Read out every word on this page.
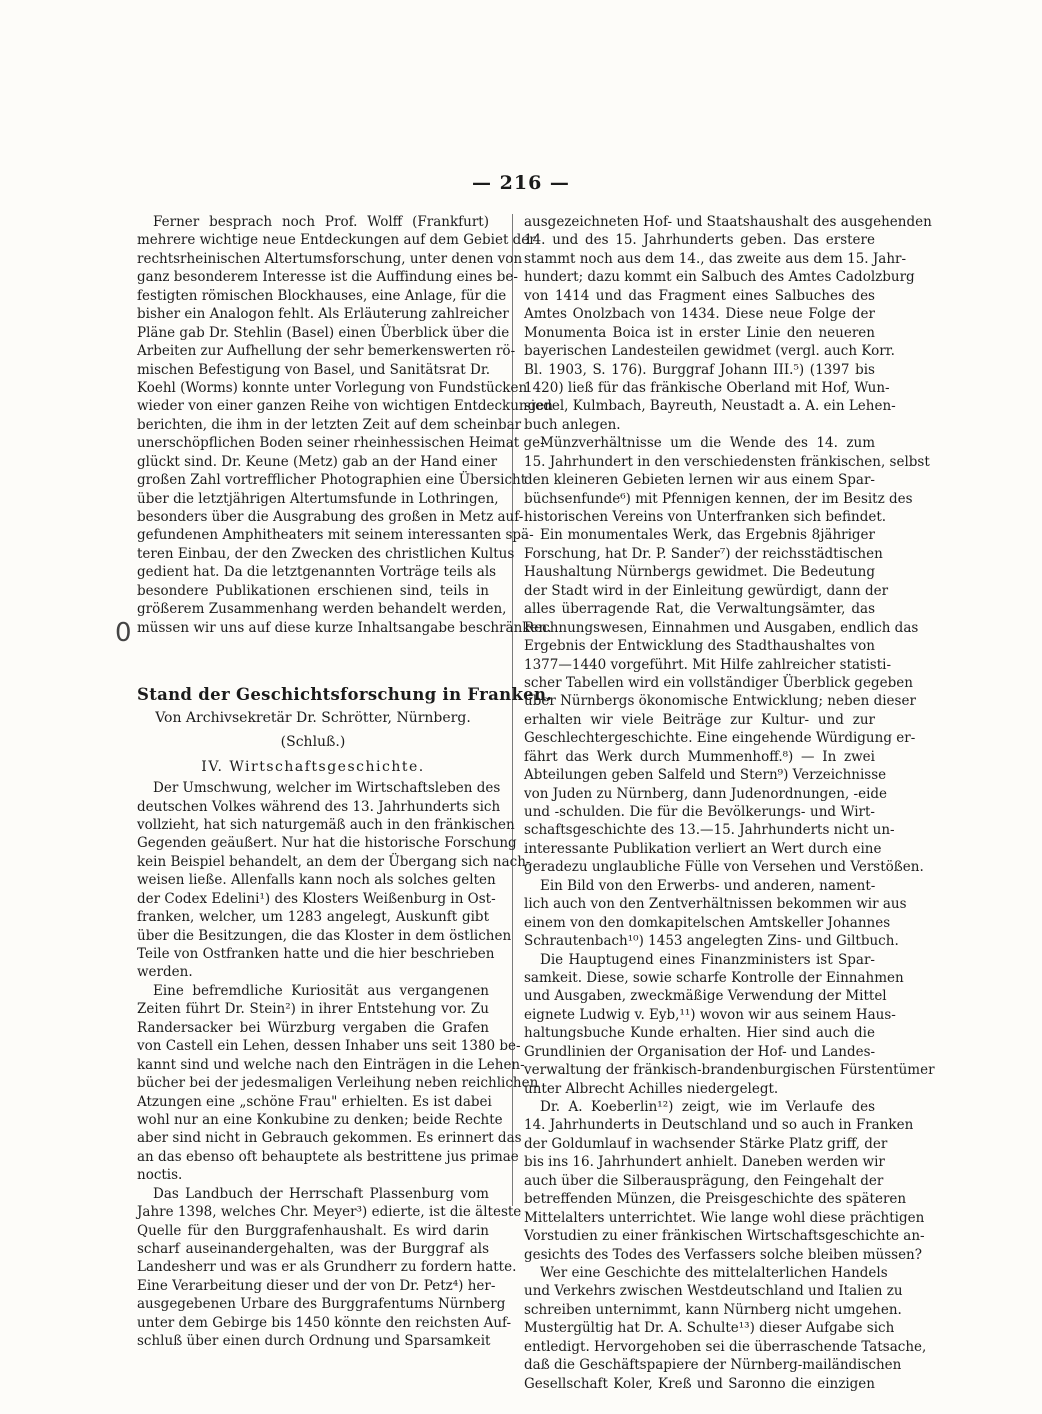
— 216 —
0
Ferner besprach noch Prof. Wolff (Frankfurt)
mehrere wichtige neue Entdeckungen auf dem Gebiet der
rechtsrheinischen Altertumsforschung, unter denen von
ganz besonderem Interesse ist die Auffindung eines be-
festigten römischen Blockhauses, eine Anlage, für die
bisher ein Analogon fehlt. Als Erläuterung zahlreicher
Pläne gab Dr. Stehlin (Basel) einen Überblick über die
Arbeiten zur Aufhellung der sehr bemerkenswerten rö-
mischen Befestigung von Basel, und Sanitätsrat Dr.
Koehl (Worms) konnte unter Vorlegung von Fundstücken
wieder von einer ganzen Reihe von wichtigen Entdeckungen
berichten, die ihm in der letzten Zeit auf dem scheinbar
unerschöpflichen Boden seiner rheinhessischen Heimat ge-
glückt sind. Dr. Keune (Metz) gab an der Hand einer
großen Zahl vortrefflicher Photographien eine Übersicht
über die letztjährigen Altertumsfunde in Lothringen,
besonders über die Ausgrabung des großen in Metz auf-
gefundenen Amphitheaters mit seinem interessanten spä-
teren Einbau, der den Zwecken des christlichen Kultus
gedient hat. Da die letztgenannten Vorträge teils als
besondere Publikationen erschienen sind, teils in
größerem Zusammenhang werden behandelt werden,
müssen wir uns auf diese kurze Inhaltsangabe beschränken.
Stand der Geschichtsforschung in Franken.
Von Archivsekretär Dr. Schrötter, Nürnberg.
(Schluß.)
IV. Wirtschaftsgeschichte.
Der Umschwung, welcher im Wirtschaftsleben des
deutschen Volkes während des 13. Jahrhunderts sich
vollzieht, hat sich naturgemäß auch in den fränkischen
Gegenden geäußert. Nur hat die historische Forschung
kein Beispiel behandelt, an dem der Übergang sich nach-
weisen ließe. Allenfalls kann noch als solches gelten
der Codex Edelini¹) des Klosters Weißenburg in Ost-
franken, welcher, um 1283 angelegt, Auskunft gibt
über die Besitzungen, die das Kloster in dem östlichen
Teile von Ostfranken hatte und die hier beschrieben
werden.
Eine befremdliche Kuriosität aus vergangenen
Zeiten führt Dr. Stein²) in ihrer Entstehung vor. Zu
Randersacker bei Würzburg vergaben die Grafen
von Castell ein Lehen, dessen Inhaber uns seit 1380 be-
kannt sind und welche nach den Einträgen in die Lehen-
bücher bei der jedesmaligen Verleihung neben reichlichen
Atzungen eine „schöne Frau" erhielten. Es ist dabei
wohl nur an eine Konkubine zu denken; beide Rechte
aber sind nicht in Gebrauch gekommen. Es erinnert das
an das ebenso oft behauptete als bestrittene jus primae
noctis.
Das Landbuch der Herrschaft Plassenburg vom
Jahre 1398, welches Chr. Meyer³) edierte, ist die älteste
Quelle für den Burggrafenhaushalt. Es wird darin
scharf auseinandergehalten, was der Burggraf als
Landesherr und was er als Grundherr zu fordern hatte.
Eine Verarbeitung dieser und der von Dr. Petz⁴) her-
ausgegebenen Urbare des Burggrafentums Nürnberg
unter dem Gebirge bis 1450 könnte den reichsten Auf-
schluß über einen durch Ordnung und Sparsamkeit
ausgezeichneten Hof- und Staatshaushalt des ausgehenden
14. und des 15. Jahrhunderts geben. Das erstere
stammt noch aus dem 14., das zweite aus dem 15. Jahr-
hundert; dazu kommt ein Salbuch des Amtes Cadolzburg
von 1414 und das Fragment eines Salbuches des
Amtes Onolzbach von 1434. Diese neue Folge der
Monumenta Boica ist in erster Linie den neueren
bayerischen Landesteilen gewidmet (vergl. auch Korr.
Bl. 1903, S. 176). Burggraf Johann III.⁵) (1397 bis
1420) ließ für das fränkische Oberland mit Hof, Wun-
siedel, Kulmbach, Bayreuth, Neustadt a. A. ein Lehen-
buch anlegen.
Münzverhältnisse um die Wende des 14. zum
15. Jahrhundert in den verschiedensten fränkischen, selbst
den kleineren Gebieten lernen wir aus einem Spar-
büchsenfunde⁶) mit Pfennigen kennen, der im Besitz des
historischen Vereins von Unterfranken sich befindet.
Ein monumentales Werk, das Ergebnis 8jähriger
Forschung, hat Dr. P. Sander⁷) der reichsstädtischen
Haushaltung Nürnbergs gewidmet. Die Bedeutung
der Stadt wird in der Einleitung gewürdigt, dann der
alles überragende Rat, die Verwaltungsämter, das
Rechnungswesen, Einnahmen und Ausgaben, endlich das
Ergebnis der Entwicklung des Stadthaushaltes von
1377—1440 vorgeführt. Mit Hilfe zahlreicher statisti-
scher Tabellen wird ein vollständiger Überblick gegeben
über Nürnbergs ökonomische Entwicklung; neben dieser
erhalten wir viele Beiträge zur Kultur- und zur
Geschlechtergeschichte. Eine eingehende Würdigung er-
fährt das Werk durch Mummenhoff.⁸) — In zwei
Abteilungen geben Salfeld und Stern⁹) Verzeichnisse
von Juden zu Nürnberg, dann Judenordnungen, -eide
und -schulden. Die für die Bevölkerungs- und Wirt-
schaftsgeschichte des 13.—15. Jahrhunderts nicht un-
interessante Publikation verliert an Wert durch eine
geradezu unglaubliche Fülle von Versehen und Verstößen.
Ein Bild von den Erwerbs- und anderen, nament-
lich auch von den Zentverhältnissen bekommen wir aus
einem von den domkapitelschen Amtskeller Johannes
Schrautenbach¹⁰) 1453 angelegten Zins- und Giltbuch.
Die Hauptugend eines Finanzministers ist Spar-
samkeit. Diese, sowie scharfe Kontrolle der Einnahmen
und Ausgaben, zweckmäßige Verwendung der Mittel
eignete Ludwig v. Eyb,¹¹) wovon wir aus seinem Haus-
haltungsbuche Kunde erhalten. Hier sind auch die
Grundlinien der Organisation der Hof- und Landes-
verwaltung der fränkisch-brandenburgischen Fürstentümer
unter Albrecht Achilles niedergelegt.
Dr. A. Koeberlin¹²) zeigt, wie im Verlaufe des
14. Jahrhunderts in Deutschland und so auch in Franken
der Goldumlauf in wachsender Stärke Platz griff, der
bis ins 16. Jahrhundert anhielt. Daneben werden wir
auch über die Silberausprägung, den Feingehalt der
betreffenden Münzen, die Preisgeschichte des späteren
Mittelalters unterrichtet. Wie lange wohl diese prächtigen
Vorstudien zu einer fränkischen Wirtschaftsgeschichte an-
gesichts des Todes des Verfassers solche bleiben müssen?
Wer eine Geschichte des mittelalterlichen Handels
und Verkehrs zwischen Westdeutschland und Italien zu
schreiben unternimmt, kann Nürnberg nicht umgehen.
Mustergültig hat Dr. A. Schulte¹³) dieser Aufgabe sich
entledigt. Hervorgehoben sei die überraschende Tatsache,
daß die Geschäftspapiere der Nürnberg-mailändischen
Gesellschaft Koler, Kreß und Saronno die einzigen
